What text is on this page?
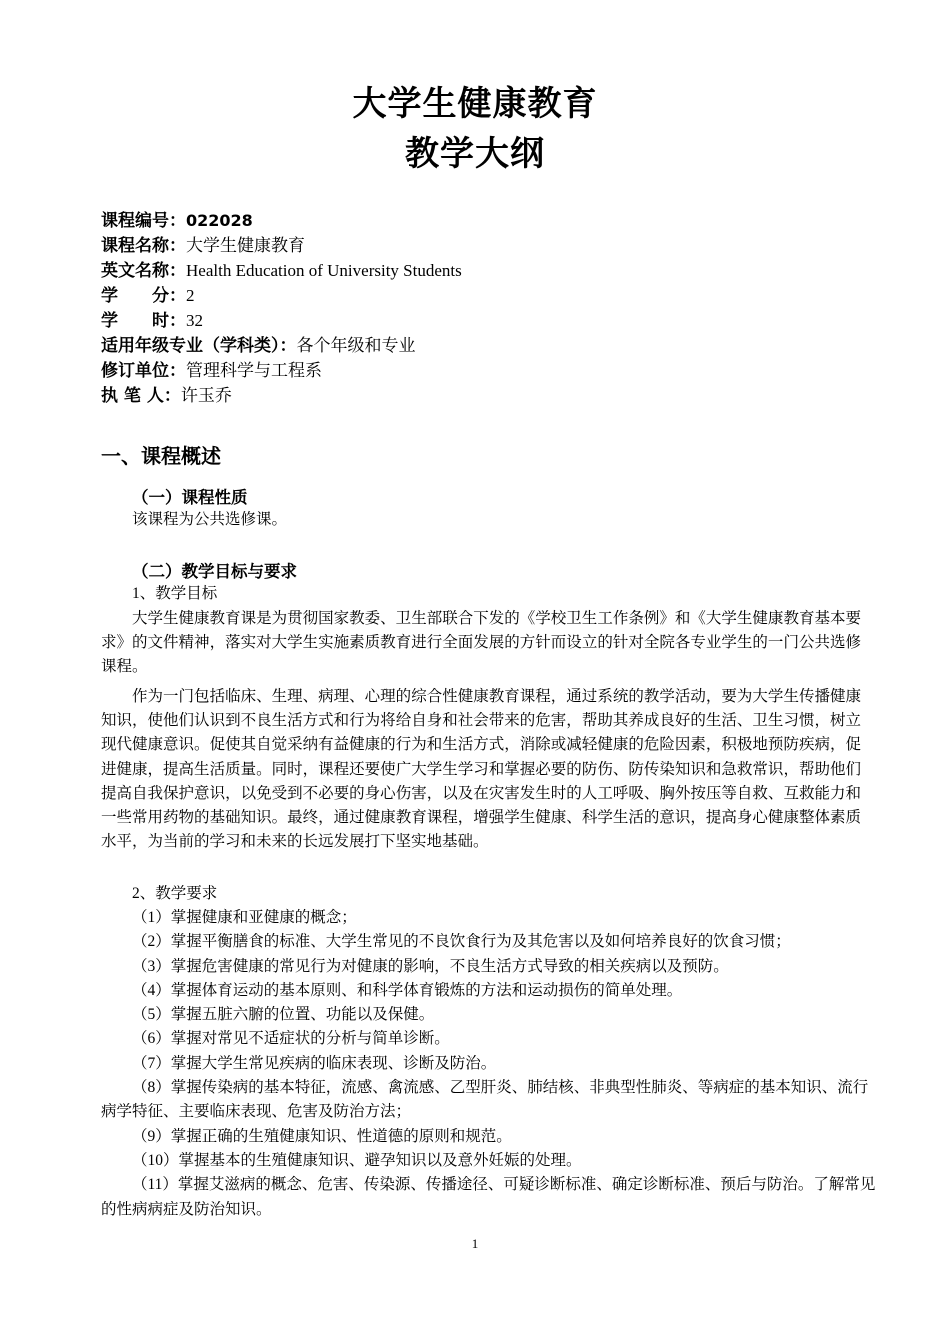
大学生健康教育
教学大纲
课程编号：022028
课程名称：大学生健康教育
英文名称：Health Education of University Students
学　　分：2
学　　时：32
适用年级专业（学科类）：各个年级和专业
修订单位：管理科学与工程系
执 笔 人：许玉乔
一、课程概述
（一）课程性质
该课程为公共选修课。
（二）教学目标与要求
1、教学目标
大学生健康教育课是为贯彻国家教委、卫生部联合下发的《学校卫生工作条例》和《大学生健康教育基本要求》的文件精神，落实对大学生实施素质教育进行全面发展的方针而设立的针对全院各专业学生的一门公共选修课程。
作为一门包括临床、生理、病理、心理的综合性健康教育课程，通过系统的教学活动，要为大学生传播健康知识，使他们认识到不良生活方式和行为将给自身和社会带来的危害，帮助其养成良好的生活、卫生习惯，树立现代健康意识。促使其自觉采纳有益健康的行为和生活方式，消除或减轻健康的危险因素，积极地预防疾病，促进健康，提高生活质量。同时，课程还要使广大学生学习和掌握必要的防伤、防传染知识和急救常识，帮助他们提高自我保护意识，以免受到不必要的身心伤害，以及在灾害发生时的人工呼吸、胸外按压等自救、互救能力和一些常用药物的基础知识。最终，通过健康教育课程，增强学生健康、科学生活的意识，提高身心健康整体素质水平，为当前的学习和未来的长远发展打下坚实地基础。
2、教学要求
（1）掌握健康和亚健康的概念；
（2）掌握平衡膳食的标准、大学生常见的不良饮食行为及其危害以及如何培养良好的饮食习惯；
（3）掌握危害健康的常见行为对健康的影响，不良生活方式导致的相关疾病以及预防。
（4）掌握体育运动的基本原则、和科学体育锻炼的方法和运动损伤的简单处理。
（5）掌握五脏六腑的位置、功能以及保健。
（6）掌握对常见不适症状的分析与简单诊断。
（7）掌握大学生常见疾病的临床表现、诊断及防治。
（8）掌握传染病的基本特征，流感、禽流感、乙型肝炎、肺结核、非典型性肺炎、等病症的基本知识、流行病学特征、主要临床表现、危害及防治方法；
（9）掌握正确的生殖健康知识、性道德的原则和规范。
（10）掌握基本的生殖健康知识、避孕知识以及意外妊娠的处理。
（11）掌握艾滋病的概念、危害、传染源、传播途径、可疑诊断标准、确定诊断标准、预后与防治。了解常见的性病病症及防治知识。
1
